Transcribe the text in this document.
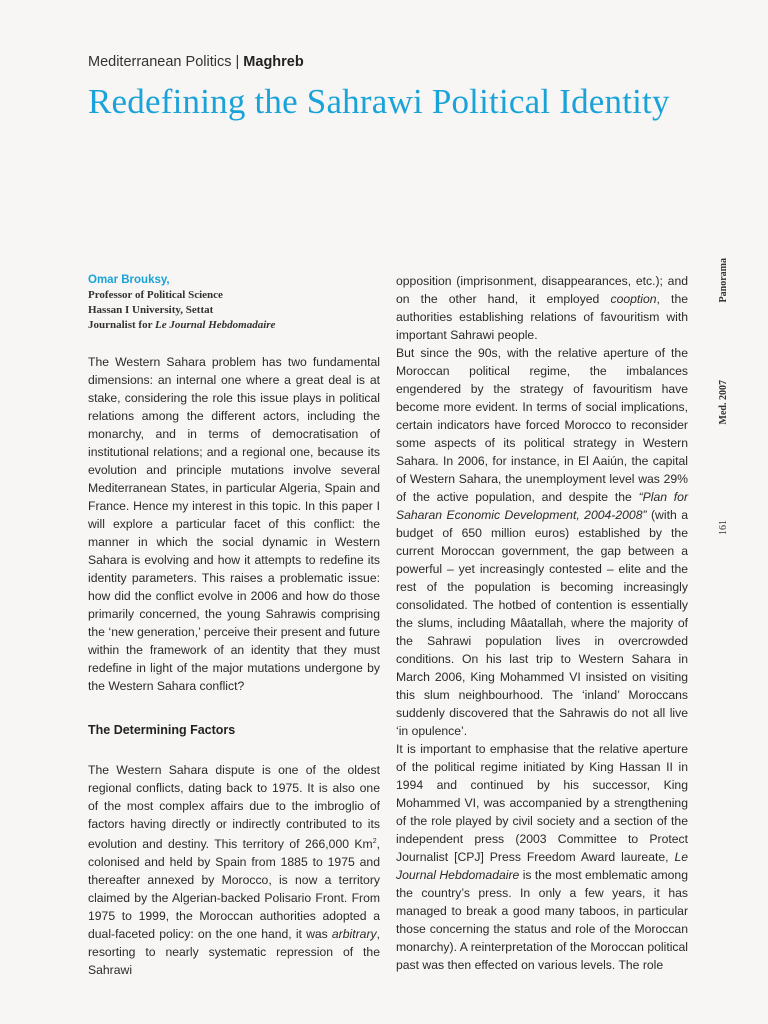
Mediterranean Politics | Maghreb
Redefining the Sahrawi Political Identity
Panorama
Med. 2007
161
Omar Brouksy,
Professor of Political Science
Hassan I University, Settat
Journalist for Le Journal Hebdomadaire

The Western Sahara problem has two fundamental dimensions: an internal one where a great deal is at stake, considering the role this issue plays in political relations among the different actors, including the monarchy, and in terms of democratisation of institutional relations; and a regional one, because its evolution and principle mutations involve several Mediterranean States, in particular Algeria, Spain and France. Hence my interest in this topic. In this paper I will explore a particular facet of this conflict: the manner in which the social dynamic in Western Sahara is evolving and how it attempts to redefine its identity parameters. This raises a problematic issue: how did the conflict evolve in 2006 and how do those primarily concerned, the young Sahrawis comprising the ‘new generation,’ perceive their present and future within the framework of an identity that they must redefine in light of the major mutations undergone by the Western Sahara conflict?

The Determining Factors

The Western Sahara dispute is one of the oldest regional conflicts, dating back to 1975. It is also one of the most complex affairs due to the imbroglio of factors having directly or indirectly contributed to its evolution and destiny. This territory of 266,000 Km$^2$, colonised and held by Spain from 1885 to 1975 and thereafter annexed by Morocco, is now a territory claimed by the Algerian-backed Polisario Front. From 1975 to 1999, the Moroccan authorities adopted a dual-faceted policy: on the one hand, it was arbitrary, resorting to nearly systematic repression of the Sahrawi

opposition (imprisonment, disappearances, etc.); and on the other hand, it employed cooption, the authorities establishing relations of favouritism with important Sahrawi people.

But since the 90s, with the relative aperture of the Moroccan political regime, the imbalances engendered by the strategy of favouritism have become more evident. In terms of social implications, certain indicators have forced Morocco to reconsider some aspects of its political strategy in Western Sahara. In 2006, for instance, in El Aaiún, the capital of Western Sahara, the unemployment level was 29% of the active population, and despite the “Plan for Saharan Economic Development, 2004-2008” (with a budget of 650 million euros) established by the current Moroccan government, the gap between a powerful – yet increasingly contested – elite and the rest of the population is becoming increasingly consolidated. The hotbed of contention is essentially the slums, including Mâatallah, where the majority of the Sahrawi population lives in overcrowded conditions. On his last trip to Western Sahara in March 2006, King Mohammed VI insisted on visiting this slum neighbourhood. The ‘inland’ Moroccans suddenly discovered that the Sahrawis do not all live ‘in opulence’.

It is important to emphasise that the relative aperture of the political regime initiated by King Hassan II in 1994 and continued by his successor, King Mohammed VI, was accompanied by a strengthening of the role played by civil society and a section of the independent press (2003 Committee to Protect Journalist [CPJ] Press Freedom Award laureate, Le Journal Hebdomadaire is the most emblematic among the country’s press. In only a few years, it has managed to break a good many taboos, in particular those concerning the status and role of the Moroccan monarchy). A reinterpretation of the Moroccan political past was then effected on various levels. The role
